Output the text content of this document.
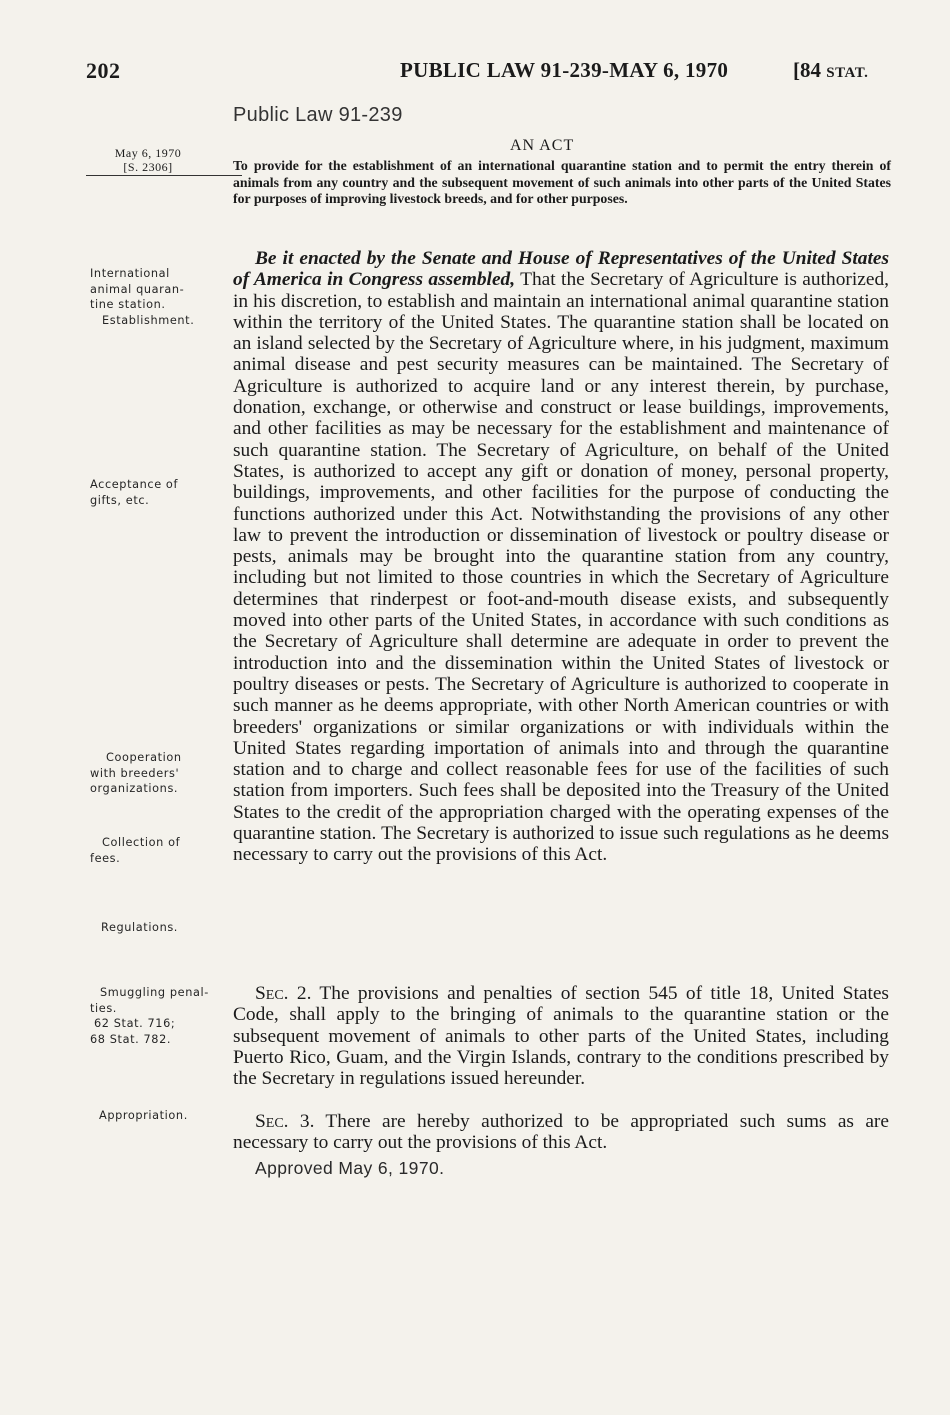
202	PUBLIC LAW 91-239-MAY 6, 1970	[84 STAT.
Public Law 91-239
May 6, 1970
[S. 2306]
AN ACT
To provide for the establishment of an international quarantine station and to permit the entry therein of animals from any country and the subsequent movement of such animals into other parts of the United States for purposes of improving livestock breeds, and for other purposes.
International
animal quaran-
tine station.
Establishment.
Acceptance of
gifts, etc.
Cooperation
with breeders'
organizations.
Collection of
fees.
Regulations.
Smuggling penal-
ties.
62 Stat. 716;
68 Stat. 782.
Appropriation.

Be it enacted by the Senate and House of Representatives of the United States of America in Congress assembled, That the Secretary of Agriculture is authorized, in his discretion, to establish and maintain an international animal quarantine station within the territory of the United States. The quarantine station shall be located on an island selected by the Secretary of Agriculture where, in his judgment, maximum animal disease and pest security measures can be maintained. The Secretary of Agriculture is authorized to acquire land or any interest therein, by purchase, donation, exchange, or otherwise and construct or lease buildings, improvements, and other facilities as may be necessary for the establishment and maintenance of such quarantine station. The Secretary of Agriculture, on behalf of the United States, is authorized to accept any gift or donation of money, personal property, buildings, improvements, and other facilities for the purpose of conducting the functions authorized under this Act. Notwithstanding the provisions of any other law to prevent the introduction or dissemination of livestock or poultry disease or pests, animals may be brought into the quarantine station from any country, including but not limited to those countries in which the Secretary of Agriculture determines that rinderpest or foot-and-mouth disease exists, and subsequently moved into other parts of the United States, in accordance with such conditions as the Secretary of Agriculture shall determine are adequate in order to prevent the introduction into and the dissemination within the United States of livestock or poultry diseases or pests. The Secretary of Agriculture is authorized to cooperate in such manner as he deems appropriate, with other North American countries or with breeders' organizations or similar organizations or with individuals within the United States regarding importation of animals into and through the quarantine station and to charge and collect reasonable fees for use of the facilities of such station from importers. Such fees shall be deposited into the Treasury of the United States to the credit of the appropriation charged with the operating expenses of the quarantine station. The Secretary is authorized to issue such regulations as he deems necessary to carry out the provisions of this Act.

Sec. 2. The provisions and penalties of section 545 of title 18, United States Code, shall apply to the bringing of animals to the quarantine station or the subsequent movement of animals to other parts of the United States, including Puerto Rico, Guam, and the Virgin Islands, contrary to the conditions prescribed by the Secretary in regulations issued hereunder.

Sec. 3. There are hereby authorized to be appropriated such sums as are necessary to carry out the provisions of this Act.

Approved May 6, 1970.
